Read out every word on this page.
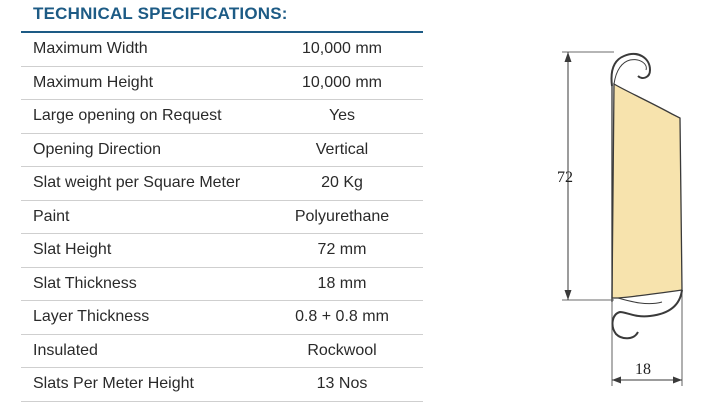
TECHNICAL SPECIFICATIONS:
Maximum Width	10,000 mm
Maximum Height	10,000 mm
Large opening on Request	Yes
Opening Direction	Vertical
Slat weight per Square Meter	20 Kg
Paint	Polyurethane
Slat Height	72 mm
Slat Thickness	18 mm
Layer Thickness	0.8 + 0.8 mm
Insulated	Rockwool
Slats Per Meter Height	13 Nos
72
18
